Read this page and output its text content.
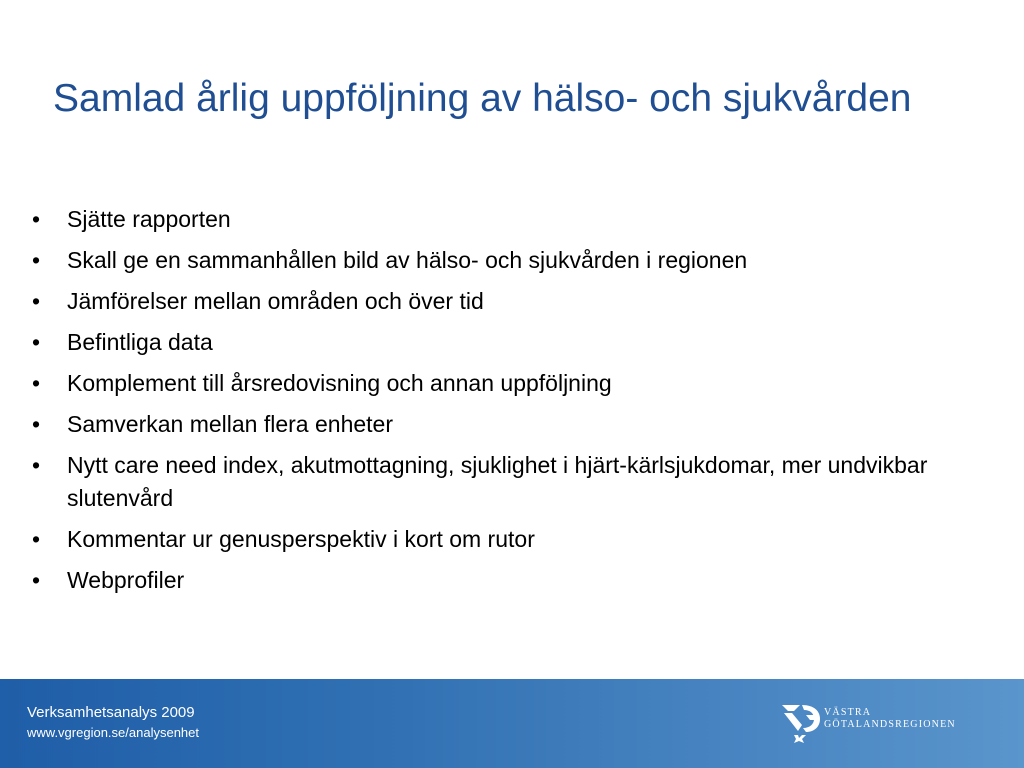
Samlad årlig uppföljning av hälso- och sjukvården
•	Sjätte rapporten
•	Skall ge en sammanhållen bild av hälso- och sjukvården i regionen
•	Jämförelser mellan områden och över tid
•	Befintliga data
•	Komplement till årsredovisning och annan uppföljning
•	Samverkan mellan flera enheter
•	Nytt care need index, akutmottagning, sjuklighet i hjärt-kärlsjukdomar, mer undvikbar slutenvård
•	Kommentar ur genusperspektiv i kort om rutor
•	Webprofiler
Verksamhetsanalys 2009
www.vgregion.se/analysenhet
VÄSTRA
GÖTALANDSREGIONEN
